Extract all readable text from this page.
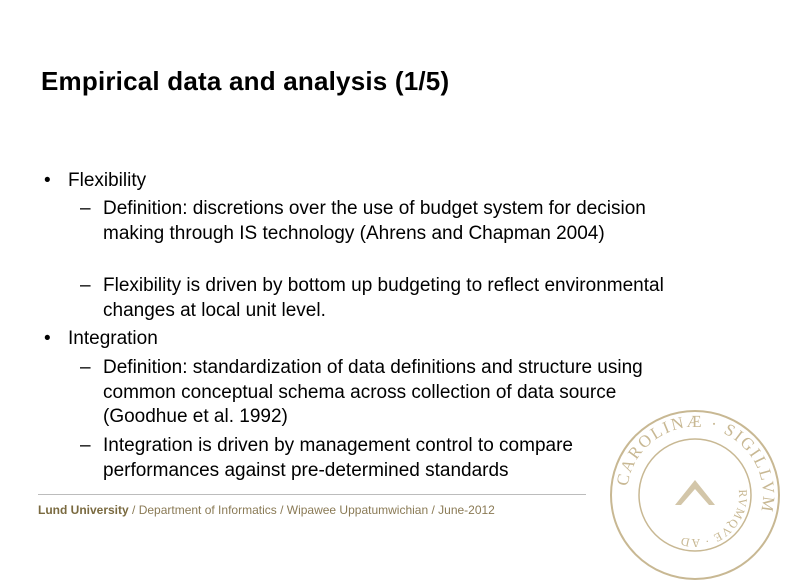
Empirical data and analysis (1/5)
• Flexibility
– Definition: discretions over the use of budget system for decision making through IS technology (Ahrens and Chapman 2004)
– Flexibility is driven by bottom up budgeting to reflect environmental changes at local unit level.
• Integration
– Definition: standardization of data definitions and structure using common conceptual schema across collection of data source (Goodhue et al. 1992)
– Integration is driven by management control to compare performances against pre-determined standards
Lund University / Department of Informatics / Wipawee Uppatumwichian / June-2012
CAROLINÆ · SIGILLVM
RVMQVE · AD
